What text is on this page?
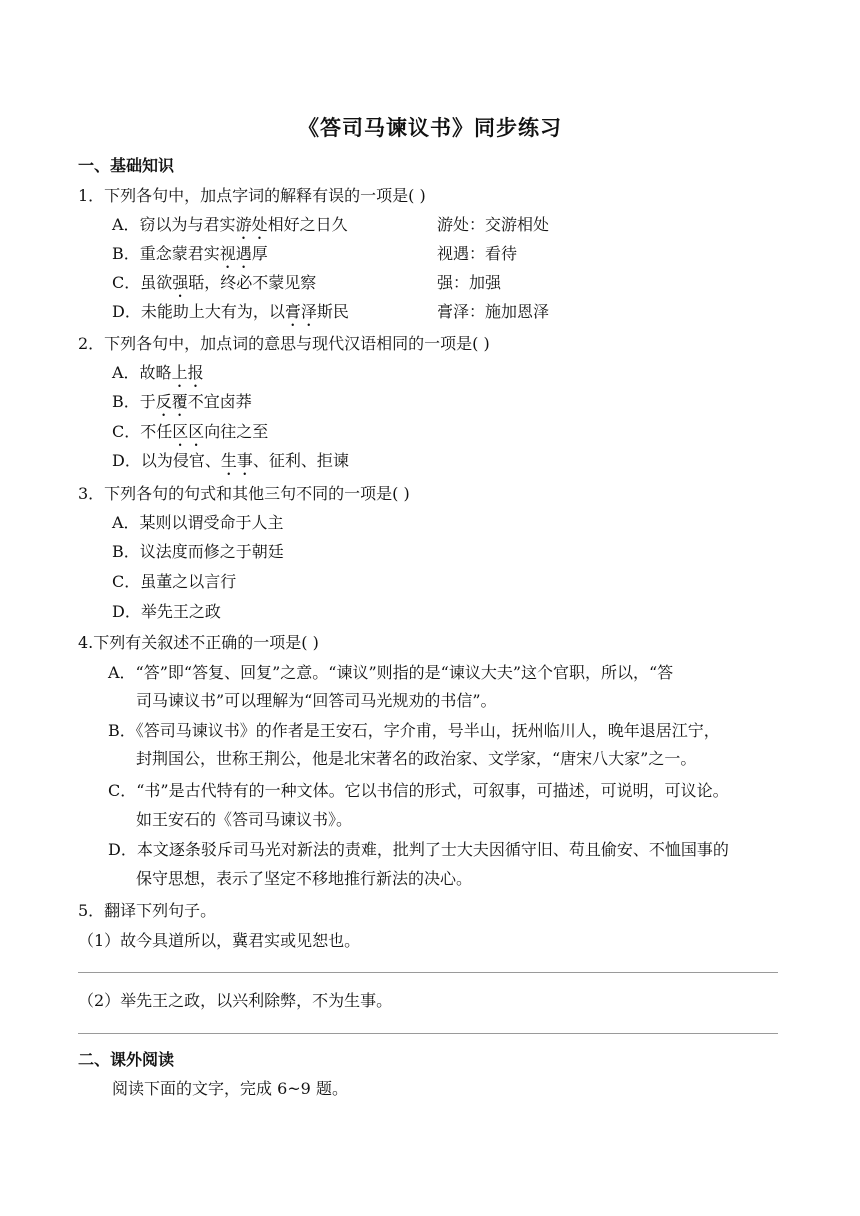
《答司马谏议书》同步练习
一、基础知识
1．下列各句中，加点字词的解释有误的一项是( )
A．窃以为与君实游处相好之日久	游处：交游相处
B．重念蒙君实视遇厚	视遇：看待
C．虽欲强聒，终必不蒙见察	强：加强
D．未能助上大有为，以膏泽斯民	膏泽：施加恩泽
2．下列各句中，加点词的意思与现代汉语相同的一项是( )
A．故略上报
B．于反覆不宜卤莽
C．不任区区向往之至
D．以为侵官、生事、征利、拒谏
3．下列各句的句式和其他三句不同的一项是( )
A．某则以谓受命于人主
B．议法度而修之于朝廷
C．虽董之以言行
D．举先王之政
4.下列有关叙述不正确的一项是( )
A．“答”即“答复、回复”之意。“谏议”则指的是“谏议大夫”这个官职，所以，“答
司马谏议书”可以理解为“回答司马光规劝的书信”。
B．《答司马谏议书》的作者是王安石，字介甫，号半山，抚州临川人，晚年退居江宁，
封荆国公，世称王荆公，他是北宋著名的政治家、文学家，“唐宋八大家”之一。
C．“书”是古代特有的一种文体。它以书信的形式，可叙事，可描述，可说明，可议论。
如王安石的《答司马谏议书》。
D．本文逐条驳斥司马光对新法的责难，批判了士大夫因循守旧、苟且偷安、不恤国事的
保守思想，表示了坚定不移地推行新法的决心。
5．翻译下列句子。
（1）故今具道所以，冀君实或见恕也。
（2）举先王之政，以兴利除弊，不为生事。
二、课外阅读
阅读下面的文字，完成 6~9 题。
